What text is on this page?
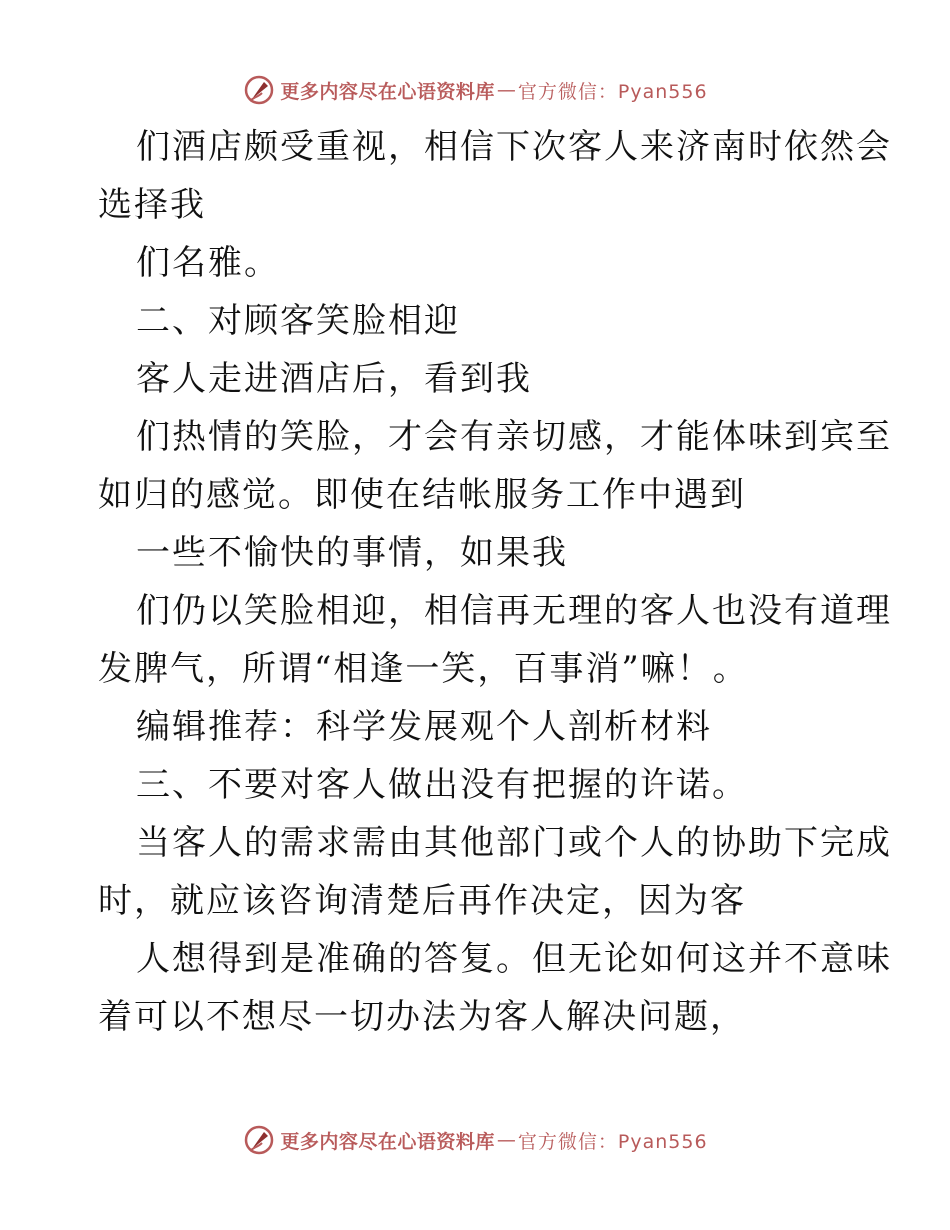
更多内容尽在心语资料库 — 官方微信：Pyan556
们酒店颇受重视，相信下次客人来济南时依然会
选择我
们名雅。
二、对顾客笑脸相迎
客人走进酒店后，看到我
们热情的笑脸，才会有亲切感，才能体味到宾至
如归的感觉。即使在结帐服务工作中遇到
一些不愉快的事情，如果我
们仍以笑脸相迎，相信再无理的客人也没有道理
发脾气，所谓“相逢一笑，百事消”嘛！。
编辑推荐：科学发展观个人剖析材料
三、不要对客人做出没有把握的许诺。
当客人的需求需由其他部门或个人的协助下完成
时，就应该咨询清楚后再作决定，因为客
人想得到是准确的答复。但无论如何这并不意味
着可以不想尽一切办法为客人解决问题，
更多内容尽在心语资料库 — 官方微信：Pyan556
